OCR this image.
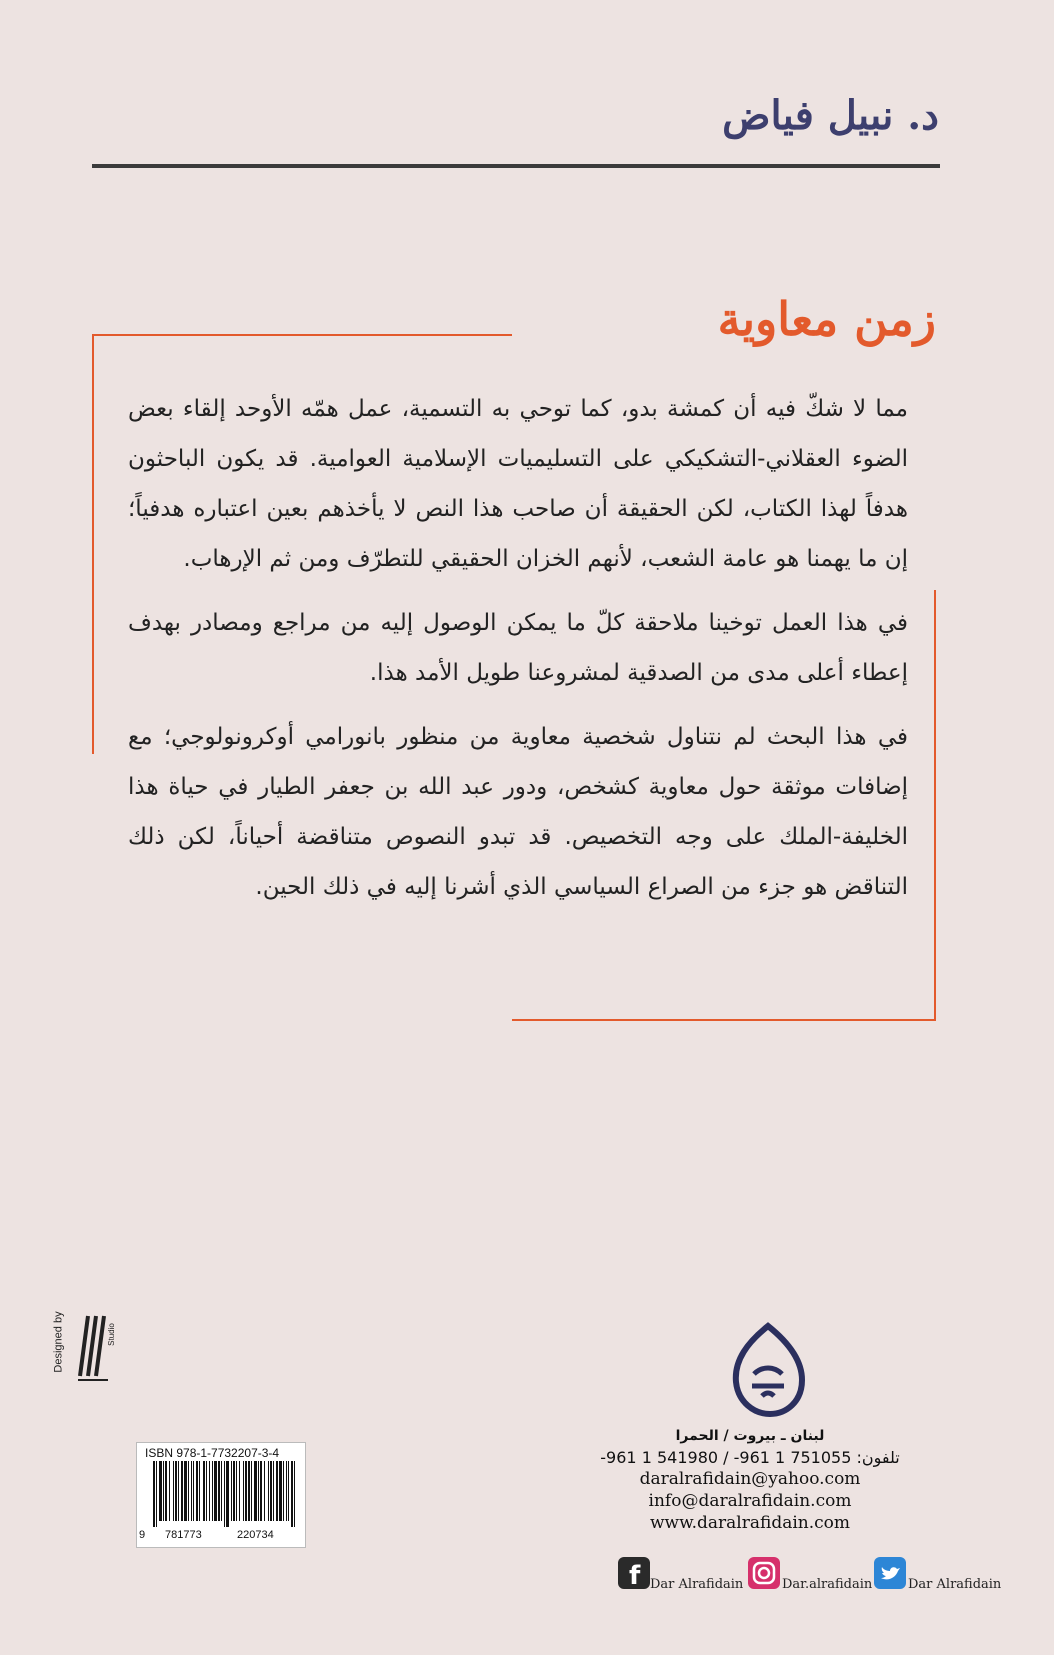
د. نبيل فياض
زمن معاوية

مما لا شكّ فيه أن كمشة بدو، كما توحي به التسمية، عمل همّه الأوحد إلقاء بعض الضوء العقلاني-التشكيكي على التسليميات الإسلامية العوامية. قد يكون الباحثون هدفاً لهذا الكتاب، لكن الحقيقة أن صاحب هذا النص لا يأخذهم بعين اعتباره هدفياً؛ إن ما يهمنا هو عامة الشعب، لأنهم الخزان الحقيقي للتطرّف ومن ثم الإرهاب.

في هذا العمل توخينا ملاحقة كلّ ما يمكن الوصول إليه من مراجع ومصادر بهدف إعطاء أعلى مدى من الصدقية لمشروعنا طويل الأمد هذا.

في هذا البحث لم نتناول شخصية معاوية من منظور بانورامي أوكرونولوجي؛ مع إضافات موثقة حول معاوية كشخص، ودور عبد الله بن جعفر الطيار في حياة هذا الخليفة-الملك على وجه التخصيص. قد تبدو النصوص متناقضة أحياناً، لكن ذلك التناقض هو جزء من الصراع السياسي الذي أشرنا إليه في ذلك الحين.

Designed by	Studio
ISBN 978-1-7732207-3-4
9 781773	220734

لبنان ـ بيروت / الحمرا

تلفون: 751055 1 961- / 541980 1 961-

daralrafidain@yahoo.com

info@daralrafidain.com

www.daralrafidain.com

f Dar Alrafidain	Dar.alrafidain	Dar Alrafidain
